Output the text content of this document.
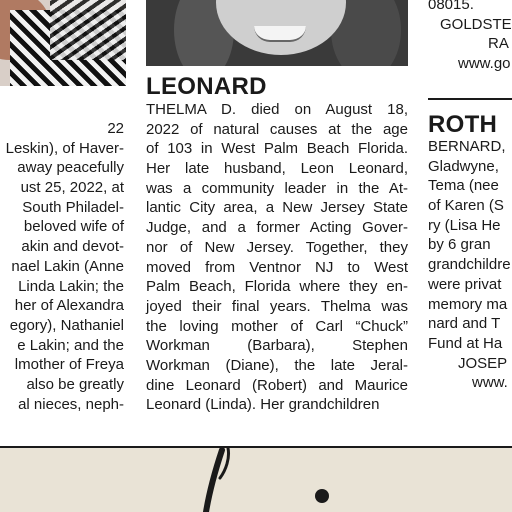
22
Leskin), of Haver-
away peacefully
ust 25, 2022, at
South Philadel-
beloved wife of
akin and devot-
nael Lakin (Anne
Linda Lakin; the
her of Alexandra
egory), Nathaniel
e Lakin; and the
lmother of Freya
also be greatly
al nieces, neph-
LEONARD
THELMA D. died on August 18,
2022 of natural causes at the age
of 103 in West Palm Beach Florida.
Her late husband, Leon Leonard,
was a community leader in the At-
lantic City area, a New Jersey State
Judge, and a former Acting Gover-
nor of New Jersey. Together, they
moved from Ventnor NJ to West
Palm Beach, Florida where they en-
joyed their final years. Thelma was
the loving mother of Carl “Chuck”
Workman (Barbara), Stephen
Workman (Diane), the late Jeral-
dine Leonard (Robert) and Maurice
Leonard (Linda). Her grandchildren
08015.
GOLDSTE
RA
www.go
ROTH
BERNARD,
Gladwyne,
Tema (nee
of Karen (S
ry (Lisa He
by 6 gran
grandchildre
were privat
memory ma
nard and T
Fund at Ha
JOSEP
www.
